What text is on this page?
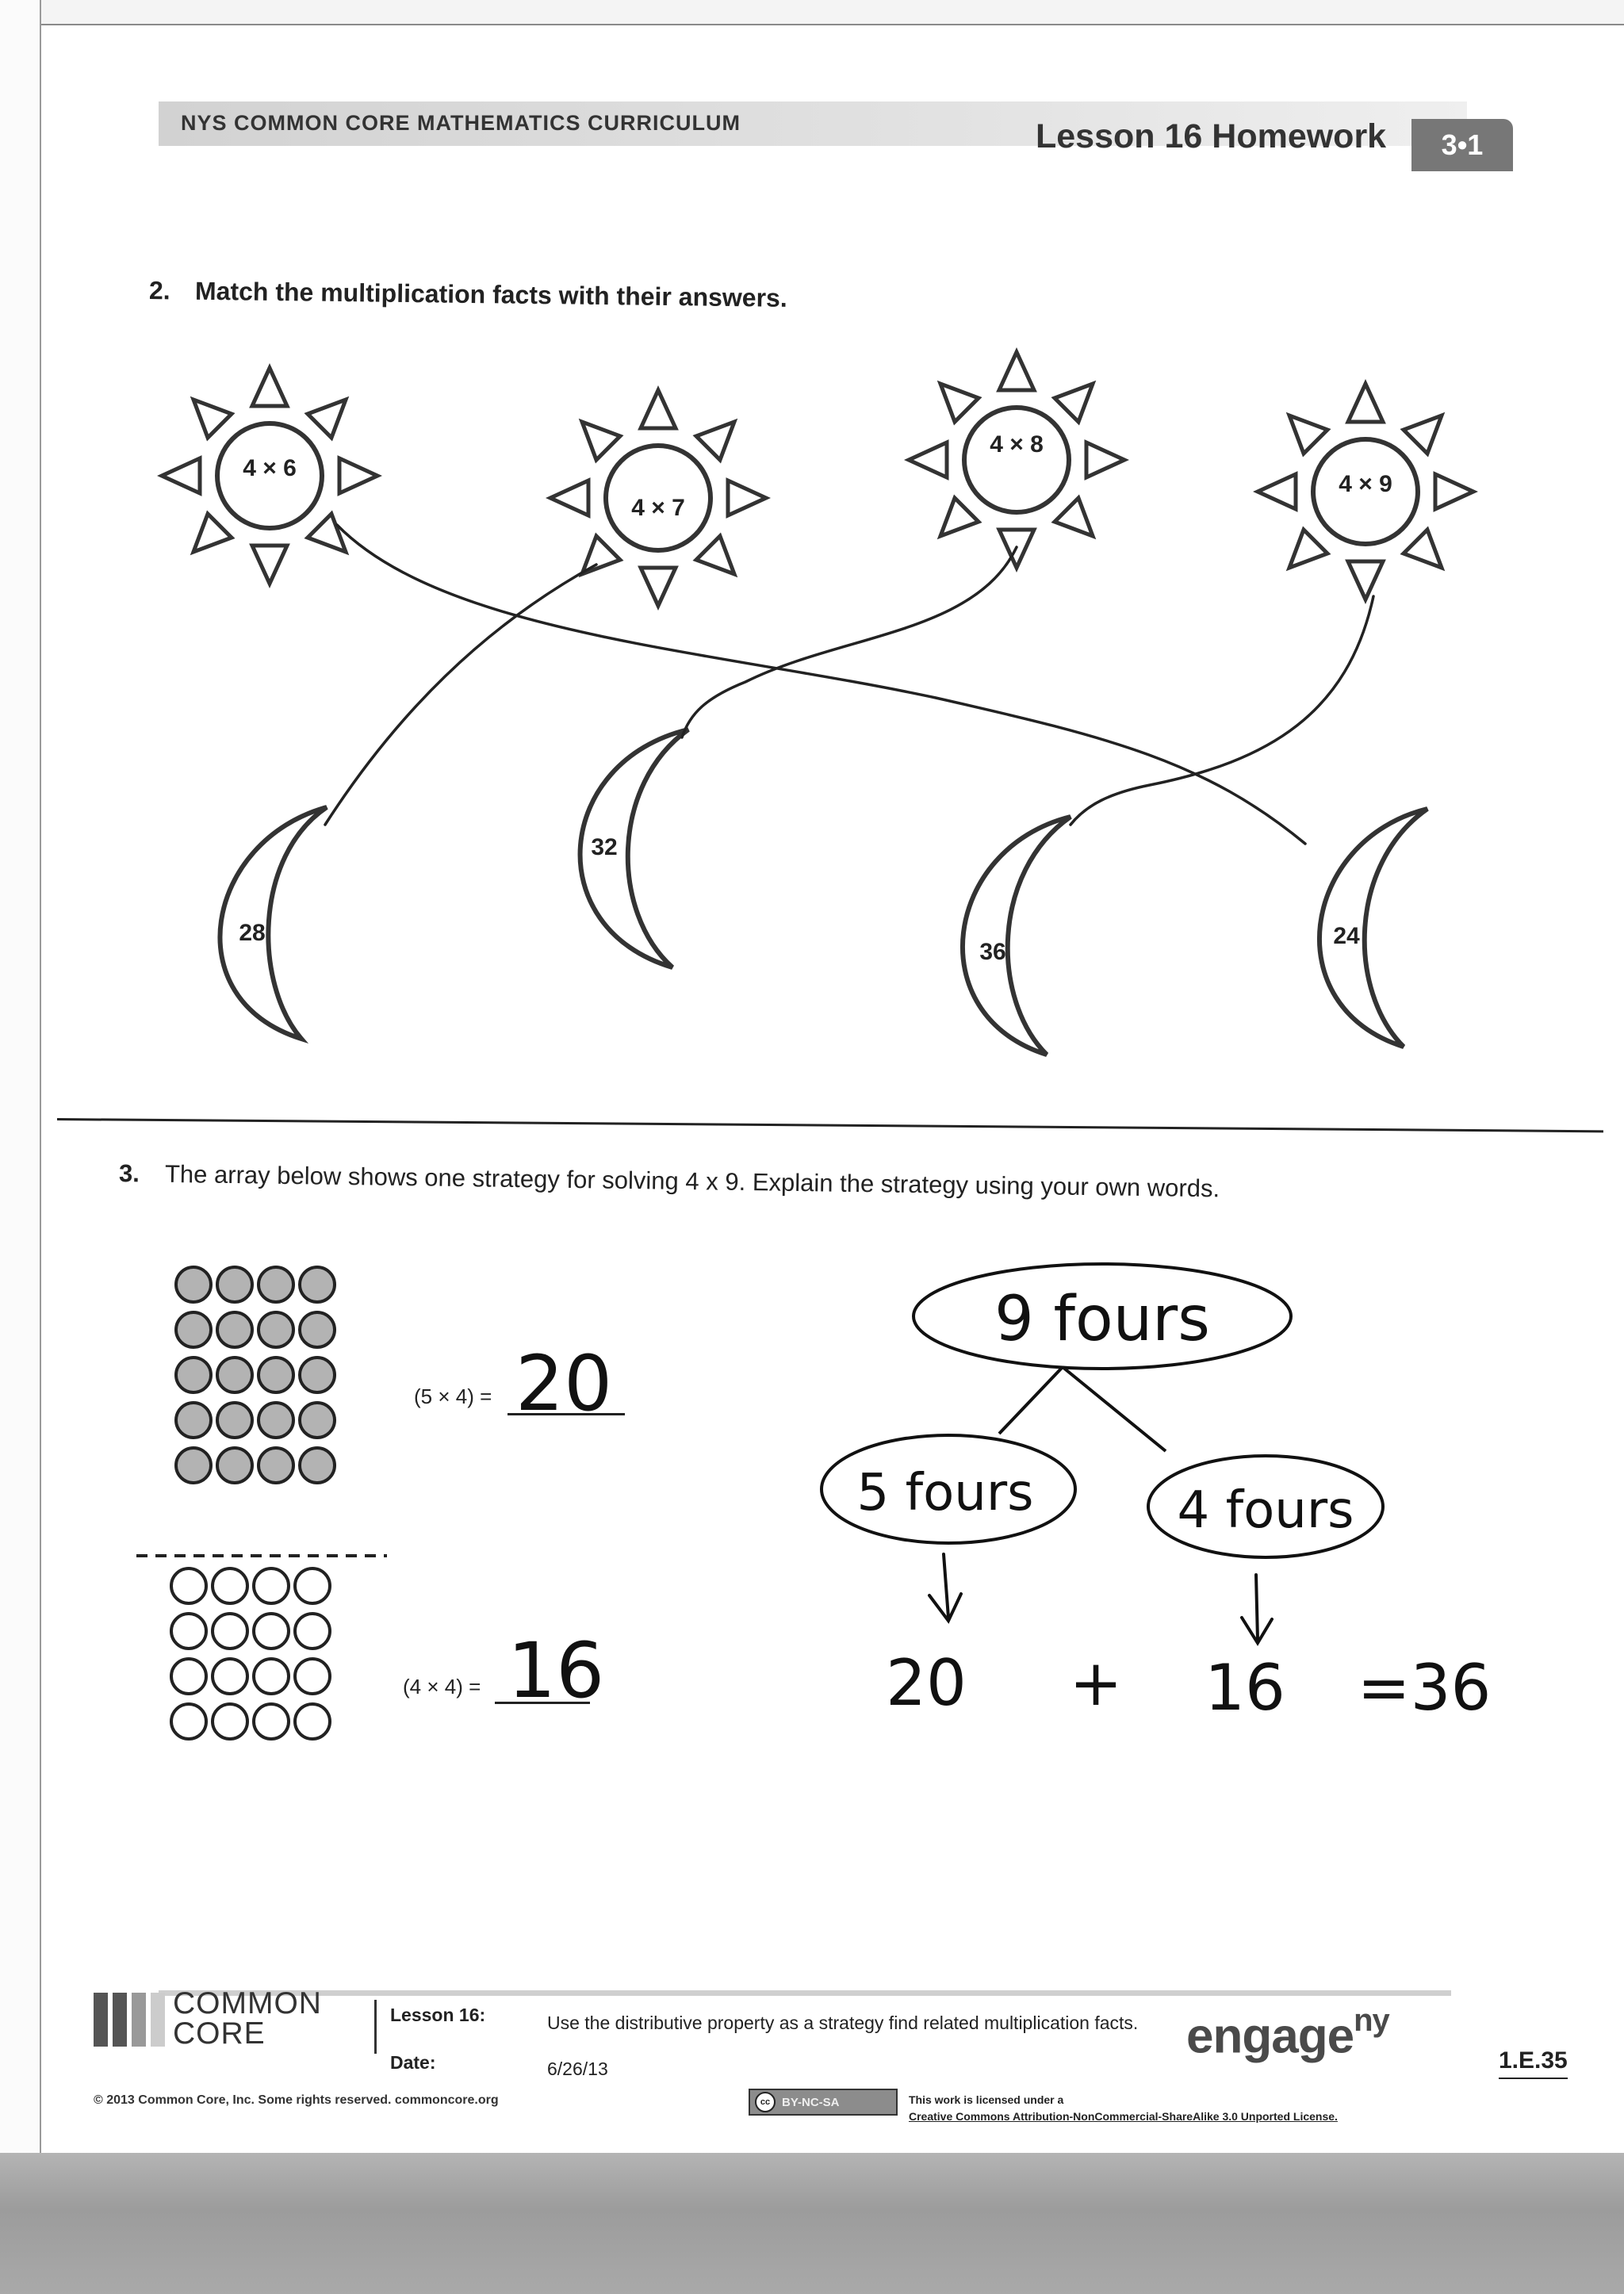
NYS COMMON CORE MATHEMATICS CURRICULUM	Lesson 16 Homework	3•1
2. Match the multiplication facts with their answers.
4 × 6
4 × 7
4 × 8
4 × 9
28
32
36
24
3. The array below shows one strategy for solving 4 x 9. Explain the strategy using your own words.
(5 × 4) =
(4 × 4) =
20
16
9 fours
5 fours	4 fours
20 + 16 =36
COMMON
CORE
Lesson 16:	Use the distributive property as a strategy find related multiplication facts.
Date:	6/26/13
engage$^{ny}$
1.E.35
© 2013 Common Core, Inc. Some rights reserved. commoncore.org	cc BY-NC-SA	This work is licensed under a
Creative Commons Attribution-NonCommercial-ShareAlike 3.0 Unported License.
